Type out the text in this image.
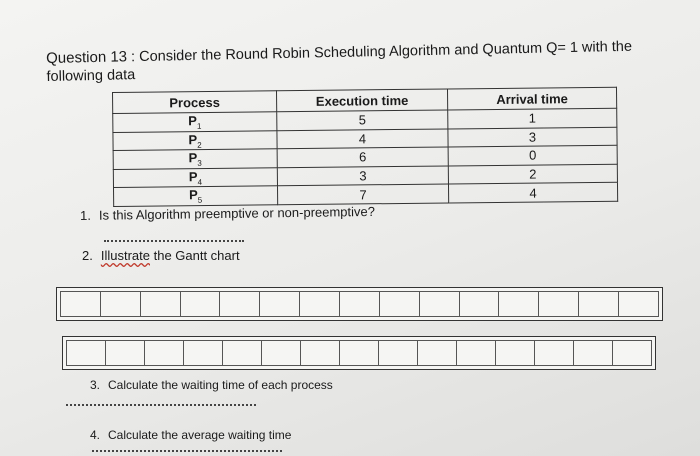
Question 13 : Consider the Round Robin Scheduling Algorithm and Quantum Q= 1 with the following data
Process	Execution time	Arrival time
$P_1$	5	1
$P_2$	4	3
$P_3$	6	0
$P_4$	3	2
$P_5$	7	4
1. Is this Algorithm preemptive or non-preemptive?
2. Illustrate the Gantt chart
3. Calculate the waiting time of each process
4. Calculate the average waiting time
